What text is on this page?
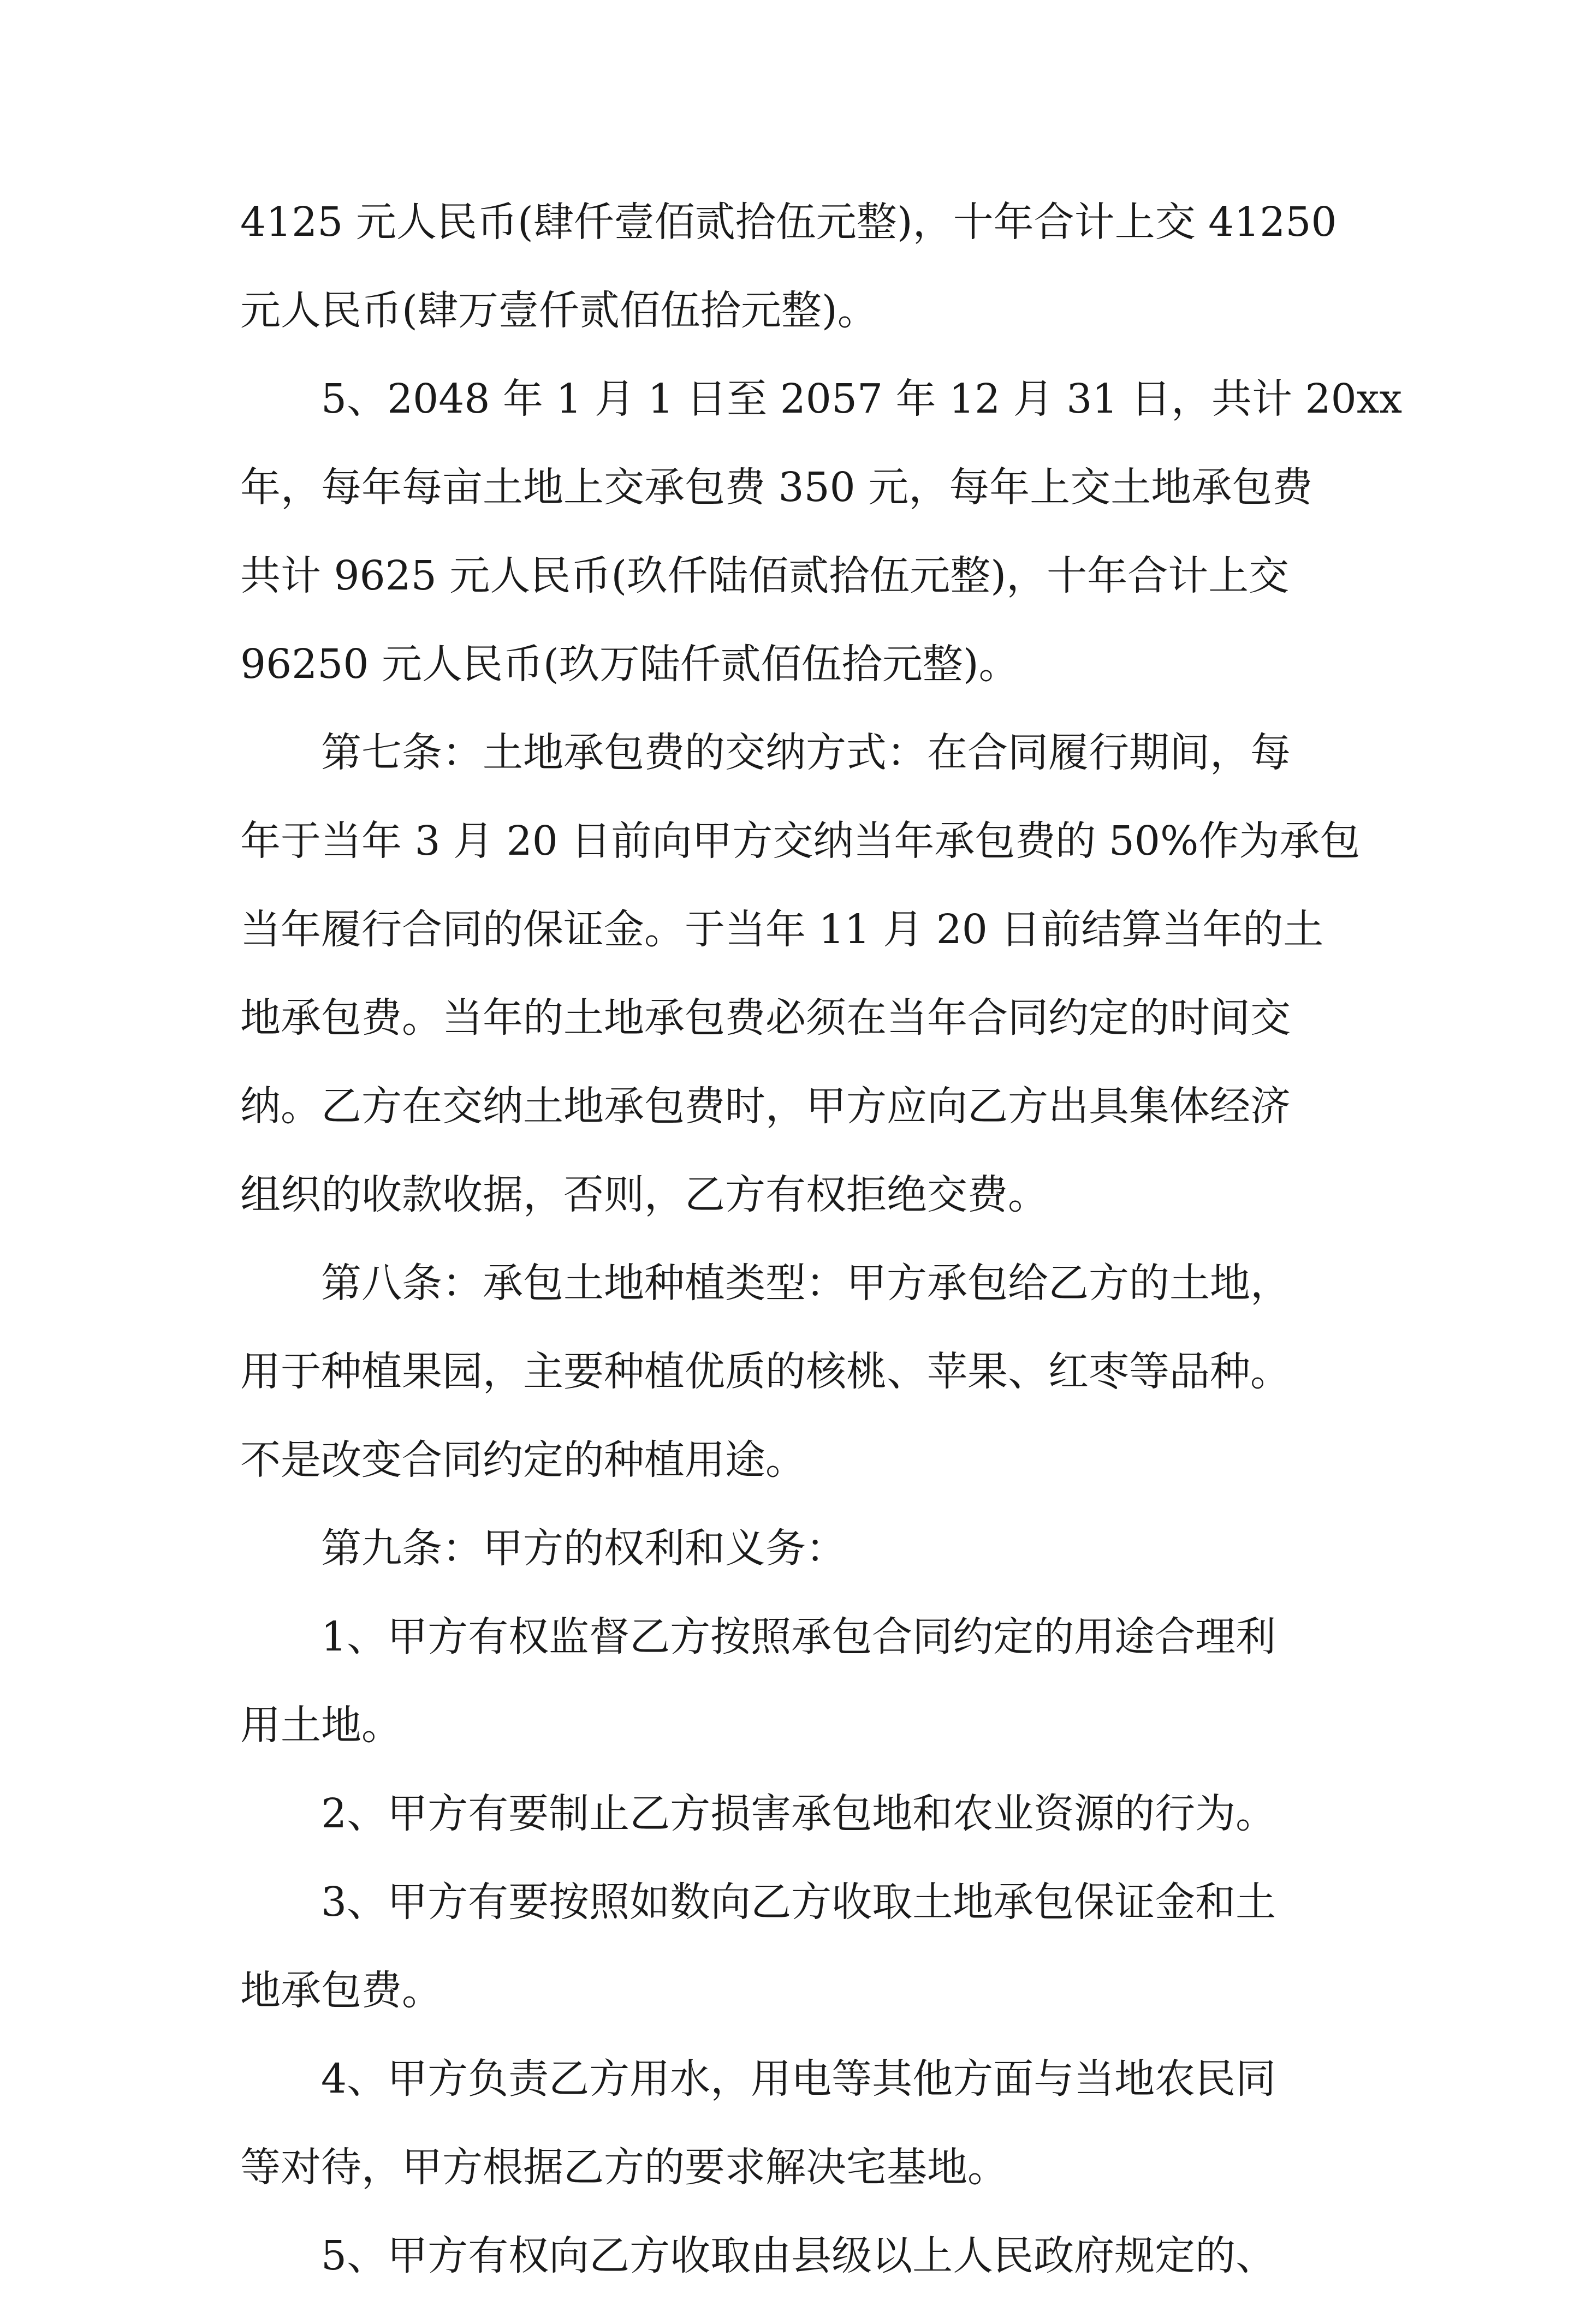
4125 元人民币(肆仟壹佰贰拾伍元整)，十年合计上交 41250
元人民币(肆万壹仟贰佰伍拾元整)。
5、2048 年 1 月 1 日至 2057 年 12 月 31 日，共计 20xx
年，每年每亩土地上交承包费 350 元，每年上交土地承包费
共计 9625 元人民币(玖仟陆佰贰拾伍元整)，十年合计上交
96250 元人民币(玖万陆仟贰佰伍拾元整)。
第七条：土地承包费的交纳方式：在合同履行期间，每
年于当年 3 月 20 日前向甲方交纳当年承包费的 50%作为承包
当年履行合同的保证金。于当年 11 月 20 日前结算当年的土
地承包费。当年的土地承包费必须在当年合同约定的时间交
纳。乙方在交纳土地承包费时，甲方应向乙方出具集体经济
组织的收款收据，否则，乙方有权拒绝交费。
第八条：承包土地种植类型：甲方承包给乙方的土地，
用于种植果园，主要种植优质的核桃、苹果、红枣等品种。
不是改变合同约定的种植用途。
第九条：甲方的权利和义务：
1、甲方有权监督乙方按照承包合同约定的用途合理利
用土地。
2、甲方有要制止乙方损害承包地和农业资源的行为。
3、甲方有要按照如数向乙方收取土地承包保证金和土
地承包费。
4、甲方负责乙方用水，用电等其他方面与当地农民同
等对待，甲方根据乙方的要求解决宅基地。
5、甲方有权向乙方收取由县级以上人民政府规定的、
